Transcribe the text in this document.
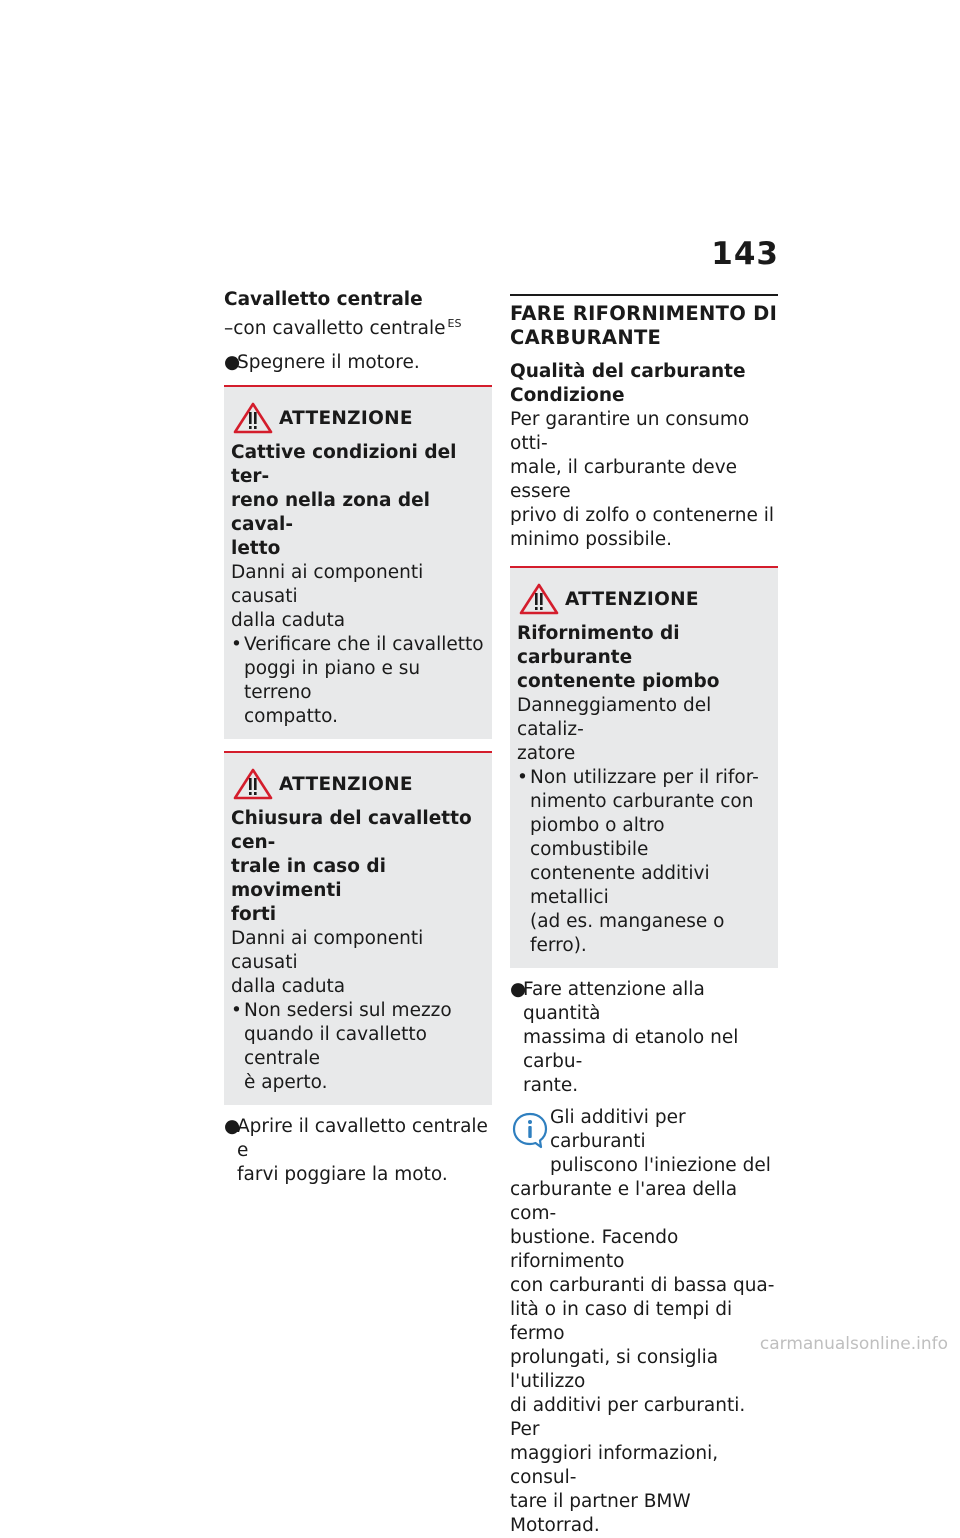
143

Cavalletto centrale

–con cavalletto centrale $^{ES}$

●
Spegnere il motore.

ATTENZIONE

Cattive condizioni del ter-

reno nella zona del caval-

letto

Danni ai componenti causati

dalla caduta

• Verificare che il cavalletto

poggi in piano e su terreno

compatto.

ATTENZIONE

Chiusura del cavalletto cen-

trale in caso di movimenti

forti

Danni ai componenti causati

dalla caduta

• Non sedersi sul mezzo

quando il cavalletto centrale

è aperto.

●
Aprire il cavalletto centrale e

farvi poggiare la moto.

FARE RIFORNIMENTO DI

CARBURANTE

Qualità del carburante

Condizione

Per garantire un consumo otti-

male, il carburante deve essere

privo di zolfo o contenerne il

minimo possibile.

ATTENZIONE

Rifornimento di carburante

contenente piombo

Danneggiamento del cataliz-

zatore

• Non utilizzare per il rifor-

nimento carburante con

piombo o altro combustibile

contenente additivi metallici

(ad es. manganese o ferro).

●
Fare attenzione alla quantità

massima di etanolo nel carbu-

rante.

Gli additivi per carburanti

puliscono l'iniezione del

carburante e l'area della com-

bustione. Facendo rifornimento

con carburanti di bassa qua-

lità o in caso di tempi di fermo

prolungati, si consiglia l'utilizzo

di additivi per carburanti. Per

maggiori informazioni, consul-

tare il partner BMW Motorrad.

carmanualsonline.info
